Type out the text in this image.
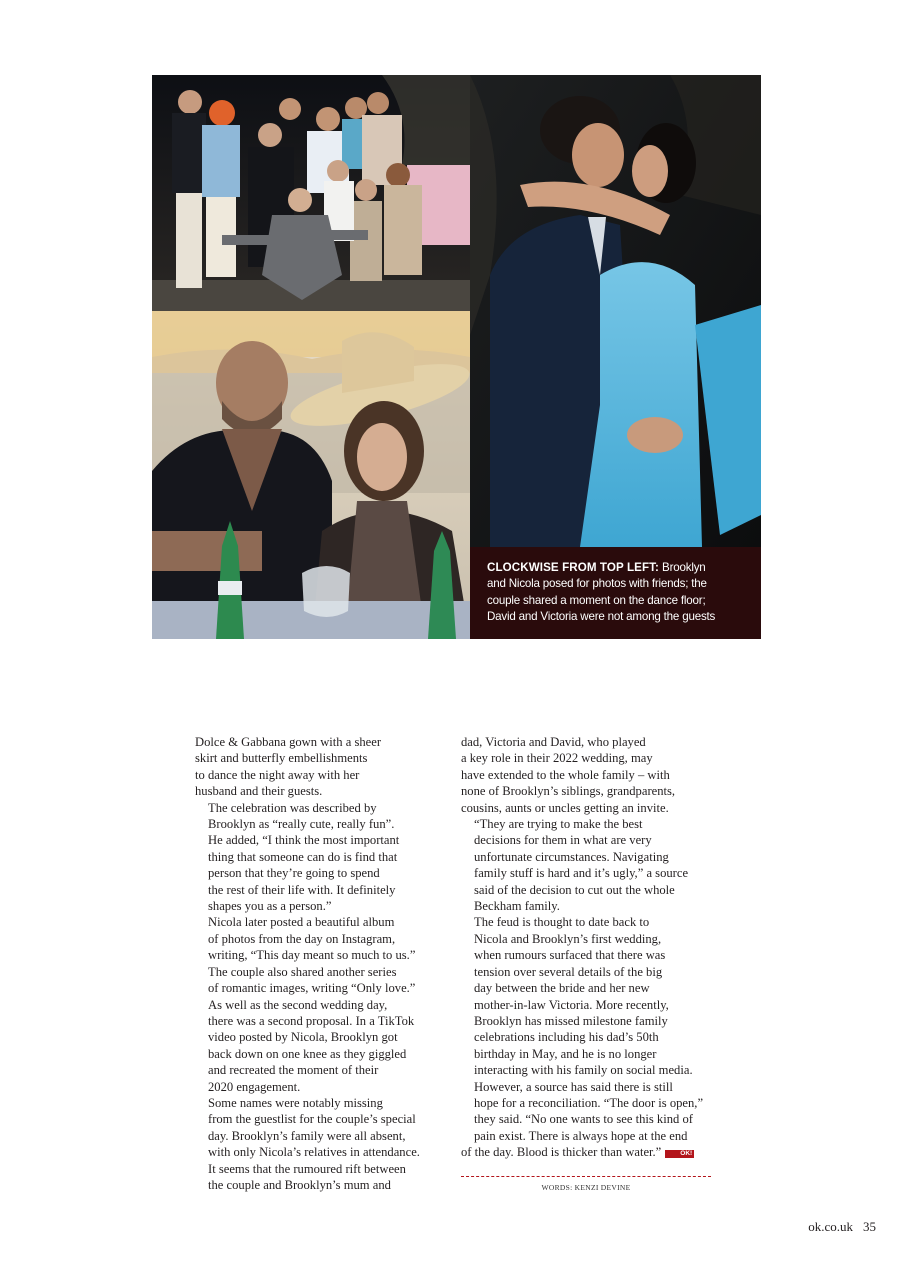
CLOCKWISE FROM TOP LEFT: Brooklyn
and Nicola posed for photos with friends; the
couple shared a moment on the dance floor;
David and Victoria were not among the guests

Dolce & Gabbana gown with a sheer
skirt and butterfly embellishments
to dance the night away with her
husband and their guests.

The celebration was described by
Brooklyn as “really cute, really fun”.
He added, “I think the most important
thing that someone can do is find that
person that they’re going to spend
the rest of their life with. It definitely
shapes you as a person.”

Nicola later posted a beautiful album
of photos from the day on Instagram,
writing, “This day meant so much to us.”

The couple also shared another series
of romantic images, writing “Only love.”

As well as the second wedding day,
there was a second proposal. In a TikTok
video posted by Nicola, Brooklyn got
back down on one knee as they giggled
and recreated the moment of their
2020 engagement.

Some names were notably missing
from the guestlist for the couple’s special
day. Brooklyn’s family were all absent,
with only Nicola’s relatives in attendance.
It seems that the rumoured rift between
the couple and Brooklyn’s mum and

dad, Victoria and David, who played
a key role in their 2022 wedding, may
have extended to the whole family – with
none of Brooklyn’s siblings, grandparents,
cousins, aunts or uncles getting an invite.

“They are trying to make the best
decisions for them in what are very
unfortunate circumstances. Navigating
family stuff is hard and it’s ugly,” a source
said of the decision to cut out the whole
Beckham family.

The feud is thought to date back to
Nicola and Brooklyn’s first wedding,
when rumours surfaced that there was
tension over several details of the big
day between the bride and her new
mother-in-law Victoria. More recently,
Brooklyn has missed milestone family
celebrations including his dad’s 50th
birthday in May, and he is no longer
interacting with his family on social media.

However, a source has said there is still
hope for a reconciliation. “The door is open,”
they said. “No one wants to see this kind of
pain exist. There is always hope at the end
of the day. Blood is thicker than water.”	OK!

WORDS: KENZI DEVINE
ok.co.uk 35
